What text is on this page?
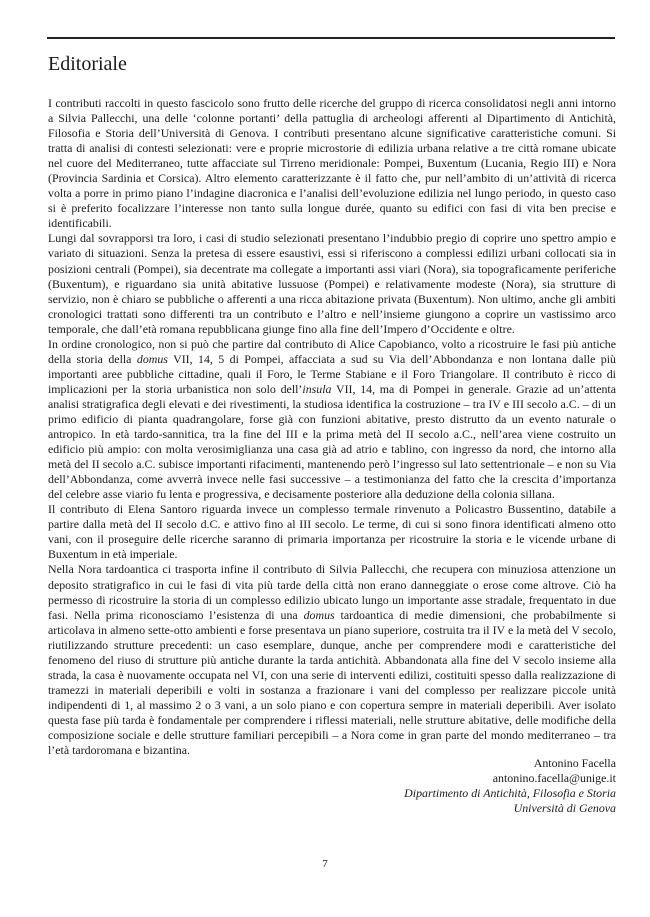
Editoriale

I contributi raccolti in questo fascicolo sono frutto delle ricerche del gruppo di ricerca consolidatosi negli anni intorno a Silvia Pallecchi, una delle ‘colonne portanti’ della pattuglia di archeologi afferenti al Dipartimento di Antichità, Filosofia e Storia dell’Università di Genova. I contributi presentano alcune significative caratteristiche comuni. Si tratta di analisi di contesti selezionati: vere e proprie microstorie di edilizia urbana relative a tre città romane ubicate nel cuore del Mediterraneo, tutte affacciate sul Tirreno meridionale: Pompei, Buxentum (Lucania, Regio III) e Nora (Provincia Sardinia et Corsica). Altro elemento caratterizzante è il fatto che, pur nell’ambito di un’attività di ricerca volta a porre in primo piano l’indagine diacronica e l’analisi dell’evoluzione edilizia nel lungo periodo, in questo caso si è preferito focalizzare l’interesse non tanto sulla longue durée, quanto su edifici con fasi di vita ben precise e identificabili.

Lungi dal sovrapporsi tra loro, i casi di studio selezionati presentano l’indubbio pregio di coprire uno spettro ampio e variato di situazioni. Senza la pretesa di essere esaustivi, essi si riferiscono a complessi edilizi urbani collocati sia in posizioni centrali (Pompei), sia decentrate ma collegate a importanti assi viari (Nora), sia topograficamente periferiche (Buxentum), e riguardano sia unità abitative lussuose (Pompei) e relativamente modeste (Nora), sia strutture di servizio, non è chiaro se pubbliche o afferenti a una ricca abitazione privata (Buxentum). Non ultimo, anche gli ambiti cronologici trattati sono differenti tra un contributo e l’altro e nell’insieme giungono a coprire un vastissimo arco temporale, che dall’età romana repubblicana giunge fino alla fine dell’Impero d’Occidente e oltre.

In ordine cronologico, non si può che partire dal contributo di Alice Capobianco, volto a ricostruire le fasi più antiche della storia della domus VII, 14, 5 di Pompei, affacciata a sud su Via dell’Abbondanza e non lontana dalle più importanti aree pubbliche cittadine, quali il Foro, le Terme Stabiane e il Foro Triangolare. Il contributo è ricco di implicazioni per la storia urbanistica non solo dell’insula VII, 14, ma di Pompei in generale. Grazie ad un’attenta analisi stratigrafica degli elevati e dei rivestimenti, la studiosa identifica la costruzione – tra IV e III secolo a.C. – di un primo edificio di pianta quadrangolare, forse già con funzioni abitative, presto distrutto da un evento naturale o antropico. In età tardo-sannitica, tra la fine del III e la prima metà del II secolo a.C., nell’area viene costruito un edificio più ampio: con molta verosimiglianza una casa già ad atrio e tablino, con ingresso da nord, che intorno alla metà del II secolo a.C. subisce importanti rifacimenti, mantenendo però l’ingresso sul lato settentrionale – e non su Via dell’Abbondanza, come avverrà invece nelle fasi successive – a testimonianza del fatto che la crescita d’importanza del celebre asse viario fu lenta e progressiva, e decisamente posteriore alla deduzione della colonia sillana.

Il contributo di Elena Santoro riguarda invece un complesso termale rinvenuto a Policastro Bussentino, databile a partire dalla metà del II secolo d.C. e attivo fino al III secolo. Le terme, di cui si sono finora identificati almeno otto vani, con il proseguire delle ricerche saranno di primaria importanza per ricostruire la storia e le vicende urbane di Buxentum in età imperiale.

Nella Nora tardoantica ci trasporta infine il contributo di Silvia Pallecchi, che recupera con minuziosa attenzione un deposito stratigrafico in cui le fasi di vita più tarde della città non erano danneggiate o erose come altrove. Ciò ha permesso di ricostruire la storia di un complesso edilizio ubicato lungo un importante asse stradale, frequentato in due fasi. Nella prima riconosciamo l’esistenza di una domus tardoantica di medie dimensioni, che probabilmente si articolava in almeno sette-otto ambienti e forse presentava un piano superiore, costruita tra il IV e la metà del V secolo, riutilizzando strutture precedenti: un caso esemplare, dunque, anche per comprendere modi e caratteristiche del fenomeno del riuso di strutture più antiche durante la tarda antichità. Abbandonata alla fine del V secolo insieme alla strada, la casa è nuovamente occupata nel VI, con una serie di interventi edilizi, costituiti spesso dalla realizzazione di tramezzi in materiali deperibili e volti in sostanza a frazionare i vani del complesso per realizzare piccole unità indipendenti di 1, al massimo 2 o 3 vani, a un solo piano e con copertura sempre in materiali deperibili. Aver isolato questa fase più tarda è fondamentale per comprendere i riflessi materiali, nelle strutture abitative, delle modifiche della composizione sociale e delle strutture familiari percepibili – a Nora come in gran parte del mondo mediterraneo – tra l’età tardoromana e bizantina.

Antonino Facella
antonino.facella@unige.it
Dipartimento di Antichità, Filosofia e Storia
Università di Genova
7
